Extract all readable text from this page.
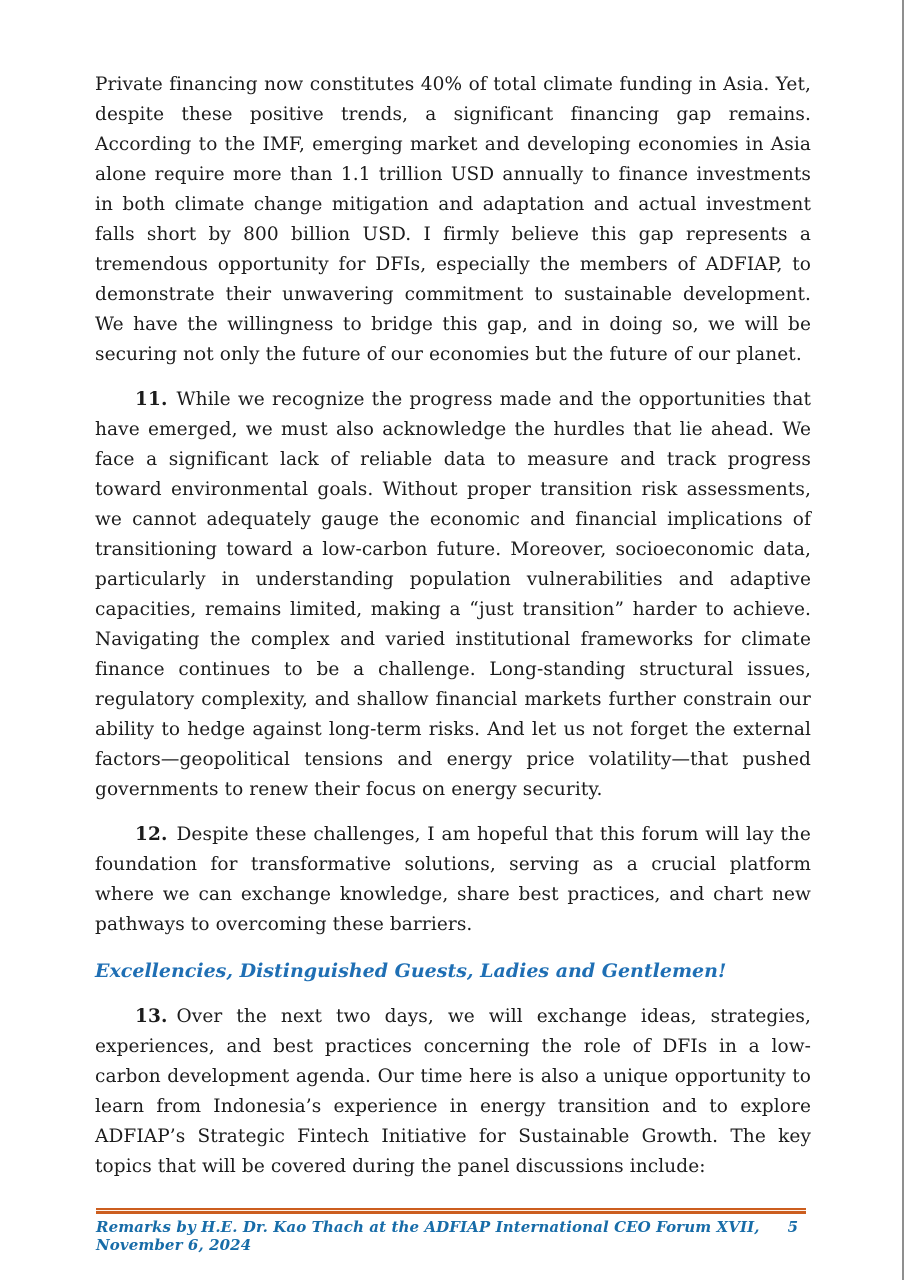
Private financing now constitutes 40% of total climate funding in Asia. Yet, despite these positive trends, a significant financing gap remains. According to the IMF, emerging market and developing economies in Asia alone require more than 1.1 trillion USD annually to finance investments in both climate change mitigation and adaptation and actual investment falls short by 800 billion USD. I firmly believe this gap represents a tremendous opportunity for DFIs, especially the members of ADFIAP, to demonstrate their unwavering commitment to sustainable development. We have the willingness to bridge this gap, and in doing so, we will be securing not only the future of our economies but the future of our planet.

11. While we recognize the progress made and the opportunities that have emerged, we must also acknowledge the hurdles that lie ahead. We face a significant lack of reliable data to measure and track progress toward environmental goals. Without proper transition risk assessments, we cannot adequately gauge the economic and financial implications of transitioning toward a low-carbon future. Moreover, socioeconomic data, particularly in understanding population vulnerabilities and adaptive capacities, remains limited, making a “just transition” harder to achieve. Navigating the complex and varied institutional frameworks for climate finance continues to be a challenge. Long-standing structural issues, regulatory complexity, and shallow financial markets further constrain our ability to hedge against long-term risks. And let us not forget the external factors—geopolitical tensions and energy price volatility—that pushed governments to renew their focus on energy security.

12. Despite these challenges, I am hopeful that this forum will lay the foundation for transformative solutions, serving as a crucial platform where we can exchange knowledge, share best practices, and chart new pathways to overcoming these barriers.

Excellencies, Distinguished Guests, Ladies and Gentlemen!

13. Over the next two days, we will exchange ideas, strategies, experiences, and best practices concerning the role of DFIs in a low-carbon development agenda. Our time here is also a unique opportunity to learn from Indonesia’s experience in energy transition and to explore ADFIAP’s Strategic Fintech Initiative for Sustainable Growth. The key topics that will be covered during the panel discussions include:

Remarks by H.E. Dr. Kao Thach at the ADFIAP International CEO Forum XVII, November 6, 2024
5
